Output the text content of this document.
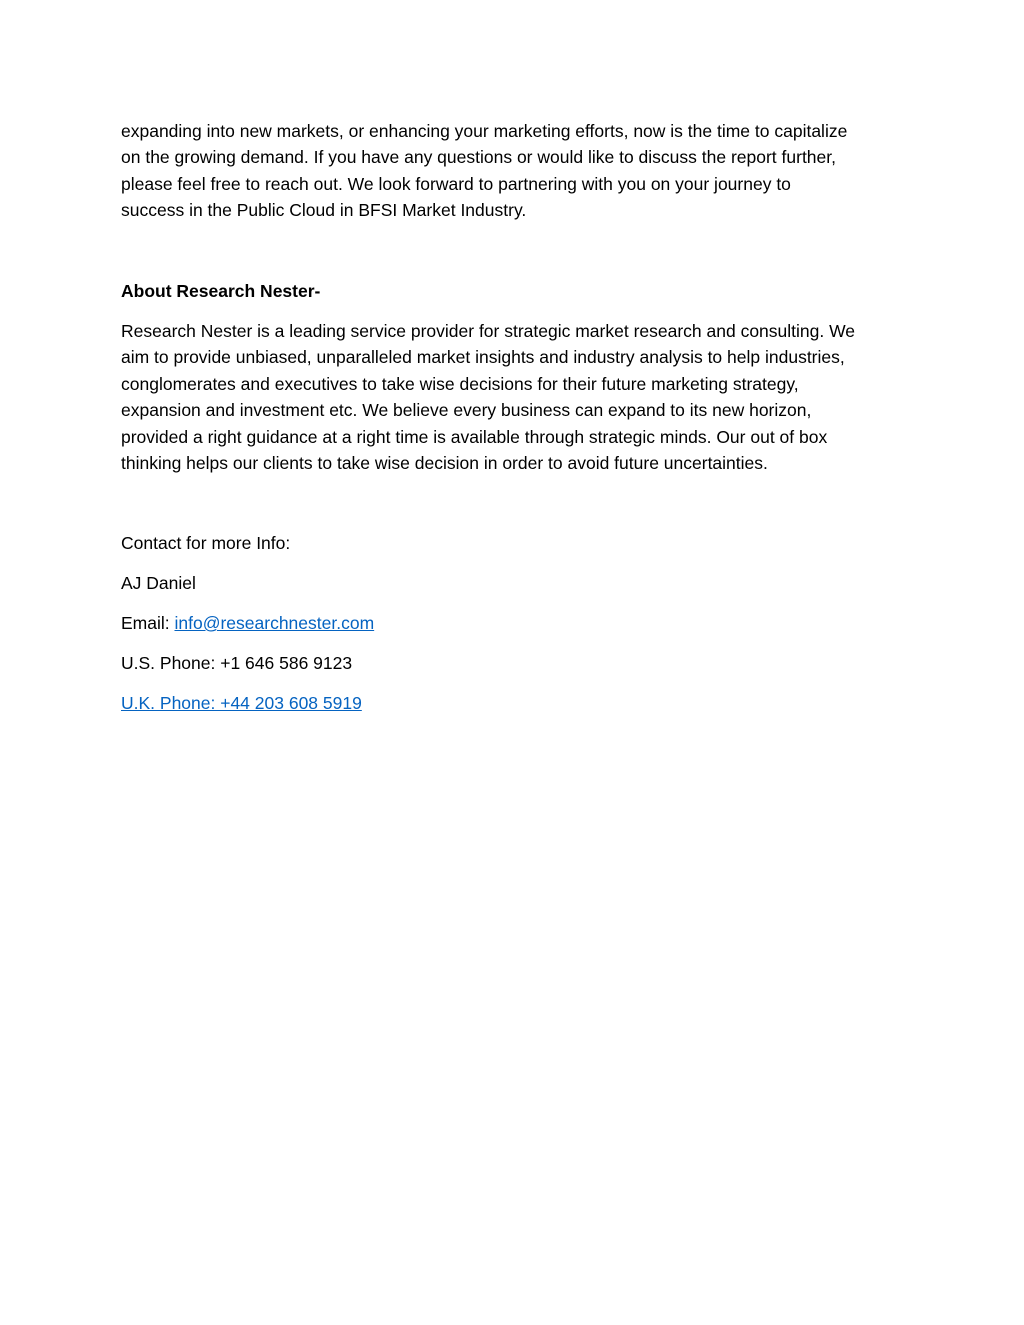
expanding into new markets, or enhancing your marketing efforts, now is the time to capitalize
on the growing demand. If you have any questions or would like to discuss the report further,
please feel free to reach out. We look forward to partnering with you on your journey to
success in the Public Cloud in BFSI Market Industry.

About Research Nester-

Research Nester is a leading service provider for strategic market research and consulting. We
aim to provide unbiased, unparalleled market insights and industry analysis to help industries,
conglomerates and executives to take wise decisions for their future marketing strategy,
expansion and investment etc. We believe every business can expand to its new horizon,
provided a right guidance at a right time is available through strategic minds. Our out of box
thinking helps our clients to take wise decision in order to avoid future uncertainties.

Contact for more Info:

AJ Daniel

Email: info@researchnester.com

U.S. Phone: +1 646 586 9123

U.K. Phone: +44 203 608 5919
